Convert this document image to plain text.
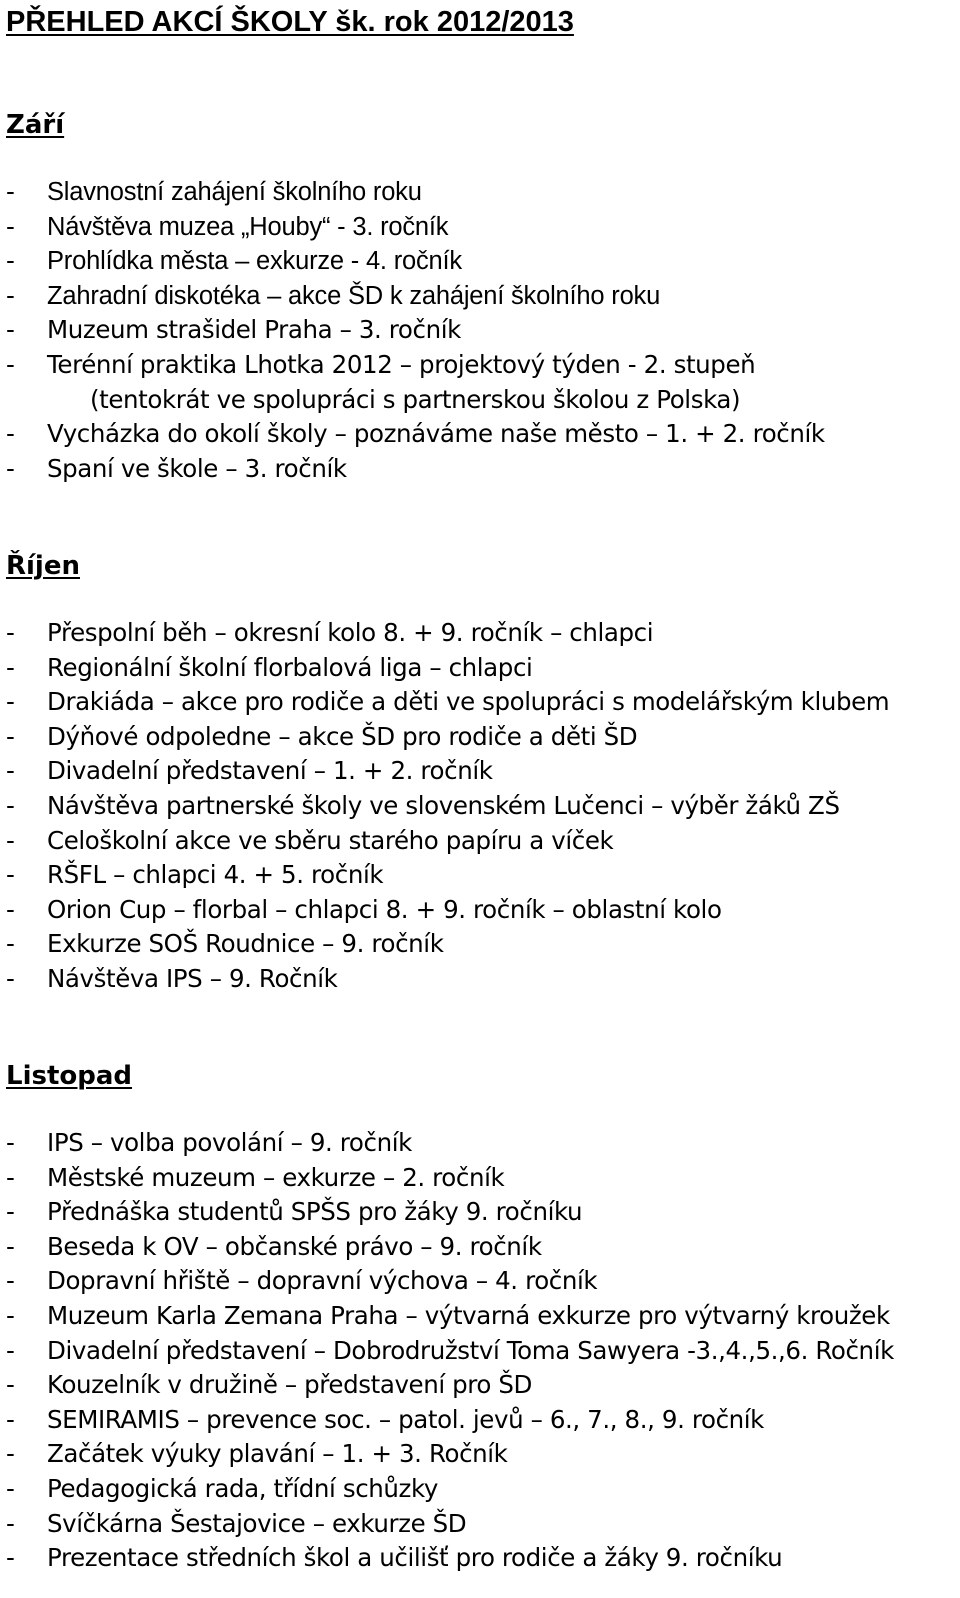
PŘEHLED AKCÍ ŠKOLY šk. rok 2012/2013
Září
- Slavnostní zahájení školního roku
- Návštěva muzea „Houby“ - 3. ročník
- Prohlídka města – exkurze - 4. ročník
- Zahradní diskotéka – akce ŠD k zahájení školního roku
- Muzeum strašidel Praha – 3. ročník
- Terénní praktika Lhotka 2012 – projektový týden - 2. stupeň
(tentokrát ve spolupráci s partnerskou školou z Polska)
- Vycházka do okolí školy – poznáváme naše město – 1. + 2. ročník
- Spaní ve škole – 3. ročník
Říjen
- Přespolní běh – okresní kolo 8. + 9. ročník – chlapci
- Regionální školní florbalová liga – chlapci
- Drakiáda – akce pro rodiče a děti ve spolupráci s modelářským klubem
- Dýňové odpoledne – akce ŠD pro rodiče a děti ŠD
- Divadelní představení – 1. + 2. ročník
- Návštěva partnerské školy ve slovenském Lučenci – výběr žáků ZŠ
- Celoškolní akce ve sběru starého papíru a víček
- RŠFL – chlapci 4. + 5. ročník
- Orion Cup – florbal – chlapci 8. + 9. ročník – oblastní kolo
- Exkurze SOŠ Roudnice – 9. ročník
- Návštěva IPS – 9. Ročník
Listopad
- IPS – volba povolání – 9. ročník
- Městské muzeum – exkurze – 2. ročník
- Přednáška studentů SPŠS pro žáky 9. ročníku
- Beseda k OV – občanské právo – 9. ročník
- Dopravní hřiště – dopravní výchova – 4. ročník
- Muzeum Karla Zemana Praha – výtvarná exkurze pro výtvarný kroužek
- Divadelní představení – Dobrodružství Toma Sawyera -3.,4.,5.,6. Ročník
- Kouzelník v družině – představení pro ŠD
- SEMIRAMIS – prevence soc. – patol. jevů – 6., 7., 8., 9. ročník
- Začátek výuky plavání – 1. + 3. Ročník
- Pedagogická rada, třídní schůzky
- Svíčkárna Šestajovice – exkurze ŠD
- Prezentace středních škol a učilišť pro rodiče a žáky 9. ročníku
